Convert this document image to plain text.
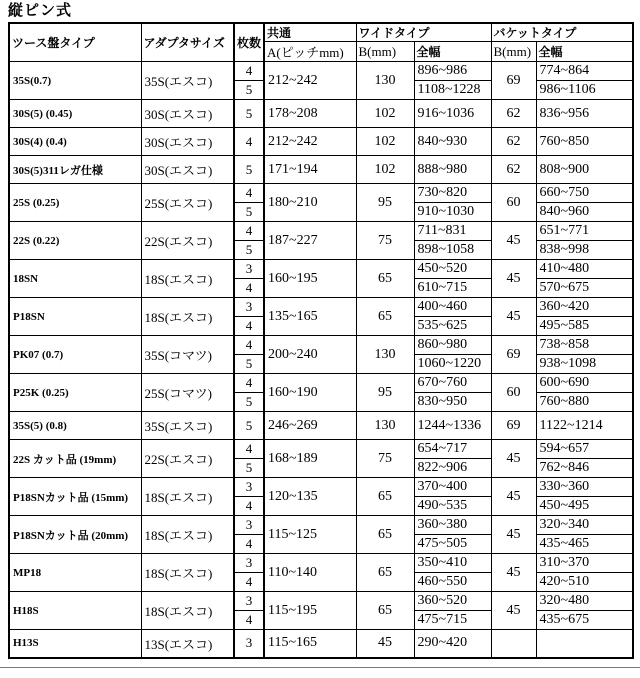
縦ピン式
ツース盤タイプ	アダプタサイズ	枚数	共通	ワイドタイプ		バケットタイプ	
			A(ピッチmm)	B(mm)	全幅	B(mm)	全幅
35S(0.7)	35S(エスコ)	4	212~242	130	896~986	69	774~864
		5			1108~1228		986~1106
30S(5) (0.45)	30S(エスコ)	5	178~208	102	916~1036	62	836~956
30S(4) (0.4)	30S(エスコ)	4	212~242	102	840~930	62	760~850
30S(5)311レガ仕様	30S(エスコ)	5	171~194	102	888~980	62	808~900
25S (0.25)	25S(エスコ)	4	180~210	95	730~820	60	660~750
		5			910~1030		840~960
22S (0.22)	22S(エスコ)	4	187~227	75	711~831	45	651~771
		5			898~1058		838~998
18SN	18S(エスコ)	3	160~195	65	450~520	45	410~480
		4			610~715		570~675
P18SN	18S(エスコ)	3	135~165	65	400~460	45	360~420
		4			535~625		495~585
PK07 (0.7)	35S(コマツ)	4	200~240	130	860~980	69	738~858
		5			1060~1220		938~1098
P25K (0.25)	25S(コマツ)	4	160~190	95	670~760	60	600~690
		5			830~950		760~880
35S(5) (0.8)	35S(エスコ)	5	246~269	130	1244~1336	69	1122~1214
22S カット品 (19mm)	22S(エスコ)	4	168~189	75	654~717	45	594~657
		5			822~906		762~846
P18SNカット品 (15mm)	18S(エスコ)	3	120~135	65	370~400	45	330~360
		4			490~535		450~495
P18SNカット品 (20mm)	18S(エスコ)	3	115~125	65	360~380	45	320~340
		4			475~505		435~465
MP18	18S(エスコ)	3	110~140	65	350~410	45	310~370
		4			460~550		420~510
H18S	18S(エスコ)	3	115~195	65	360~520	45	320~480
		4			475~715		435~675
H13S	13S(エスコ)	3	115~165	45	290~420		
